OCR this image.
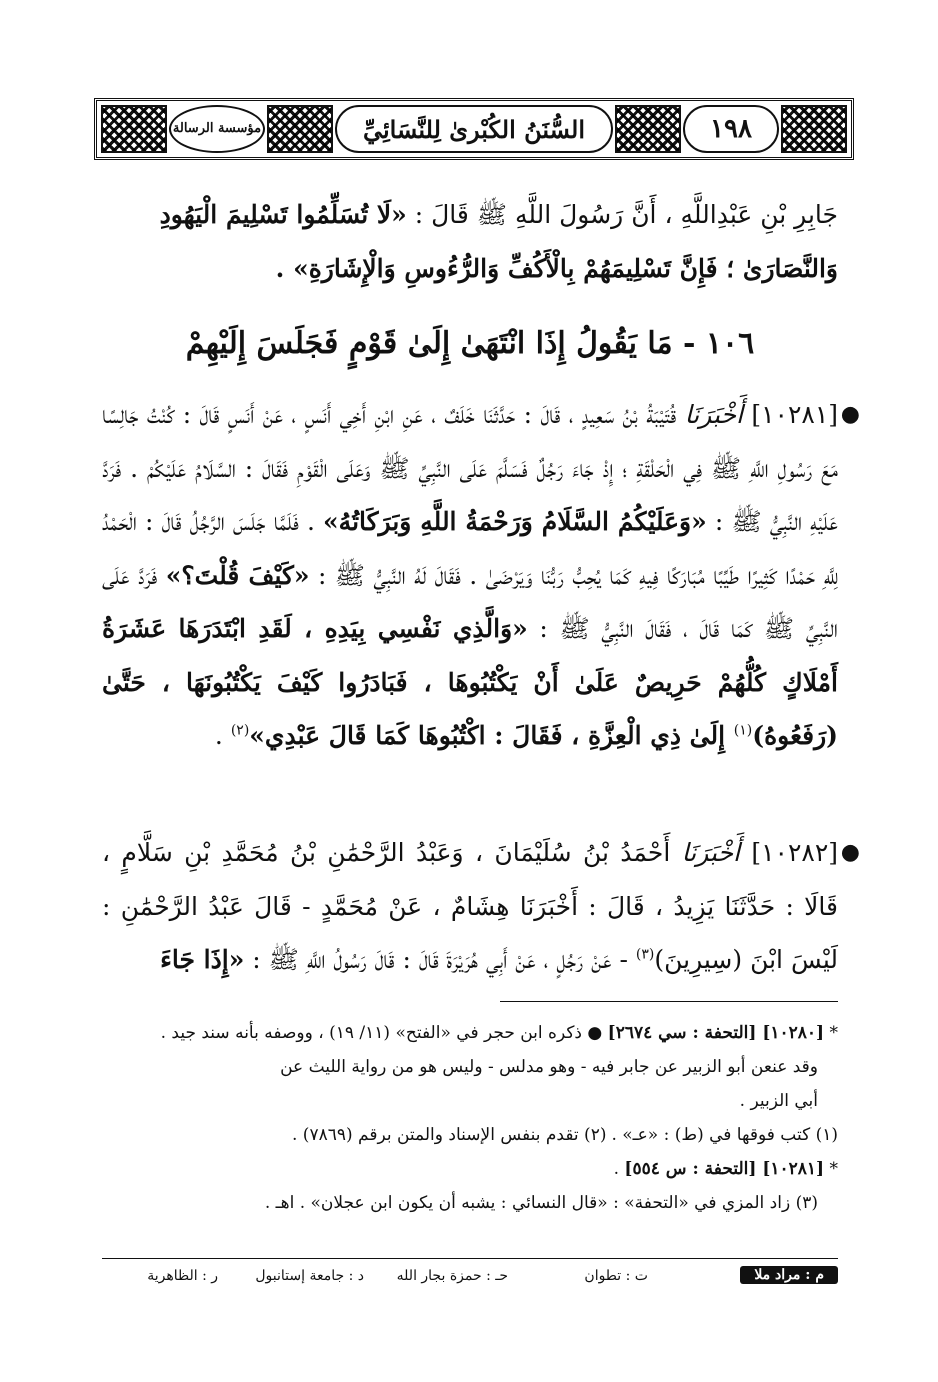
مؤسسة الرسالة	السُّنَنُ الكُبْرىٰ لِلنَّسَائِيِّ	١٩٨
جَابِرِ بْنِ عَبْدِاللَّهِ ، أَنَّ رَسُولَ اللَّهِ ﷺ قَالَ : «لَا تُسَلِّمُوا تَسْلِيمَ الْيَهُودِ
وَالنَّصَارَىٰ ؛ فَإِنَّ تَسْلِيمَهُمْ بِالْأَكُفِّ وَالرُّءُوسِ وَالْإِشَارَةِ» .
١٠٦ - مَا يَقُولُ إِذَا انْتَهَىٰ إِلَىٰ قَوْمٍ فَجَلَسَ إِلَيْهِمْ
●

[١٠٢٨١] أَخْبَرَنَا قُتَيْبَةُ بْنُ سَعِيدٍ ، قَالَ : حَدَّثَنَا خَلَفٌ ، عَنِ ابْنِ أَخِي أَنَسٍ ، عَنْ أَنَسٍ قَالَ : كُنْتُ جَالِسًا مَعَ رَسُولِ اللَّهِ ﷺ فِي الْحَلْقَةِ ؛ إِذْ جَاءَ رَجُلٌ فَسَلَّمَ عَلَى النَّبِيِّ ﷺ وَعَلَى الْقَوْمِ فَقَالَ : السَّلَامُ عَلَيْكُمْ . فَرَدَّ عَلَيْهِ النَّبِيُّ ﷺ : «وَعَلَيْكُمُ السَّلَامُ وَرَحْمَةُ اللَّهِ وَبَرَكَاتُهُ» . فَلَمَّا جَلَسَ الرَّجُلُ قَالَ : الْحَمْدُ لِلَّهِ حَمْدًا كَثِيرًا طَيِّبًا مُبَارَكًا فِيهِ كَمَا يُحِبُّ رَبُّنَا وَيَرْضَىٰ . فَقَالَ لَهُ النَّبِيُّ ﷺ : «كَيْفَ قُلْتَ؟» فَرَدَّ عَلَى النَّبِيِّ ﷺ كَمَا قَالَ ، فَقَالَ النَّبِيُّ ﷺ : «وَالَّذِي نَفْسِي بِيَدِهِ ، لَقَدِ ابْتَدَرَهَا عَشَرَةُ أَمْلَاكٍ كُلُّهُمْ حَرِيصٌ عَلَىٰ أَنْ يَكْتُبُوهَا ، فَبَادَرُوا كَيْفَ يَكْتُبُونَهَا ، حَتَّىٰ (رَفَعُوهُ)$^{(١)}$ إِلَىٰ ذِي الْعِزَّةِ ، فَقَالَ : اكْتُبُوهَا كَمَا قَالَ عَبْدِي»$^{(٢)}$ .

●

[١٠٢٨٢] أَخْبَرَنَا أَحْمَدُ بْنُ سُلَيْمَانَ ، وَعَبْدُ الرَّحْمَٰنِ بْنُ مُحَمَّدِ بْنِ سَلَّامٍ ، قَالَا : حَدَّثَنَا يَزِيدُ ، قَالَ : أَخْبَرَنَا هِشَامٌ ، عَنْ مُحَمَّدٍ - قَالَ عَبْدُ الرَّحْمَٰنِ : لَيْسَ ابْنَ (سِيرِينَ)$^{(٣)}$ - عَنْ رَجُلٍ ، عَنْ أَبِي هُرَيْرَةَ قَالَ : قَالَ رَسُولُ اللَّهِ ﷺ : «إِذَا جَاءَ

* [١٠٢٨٠] [التحفة : سي ٢٦٧٤] ● ذكره ابن حجر في «الفتح» (١١/ ١٩) ، ووصفه بأنه سند جيد .
وقد عنعن أبو الزبير عن جابر فيه - وهو مدلس - وليس هو من رواية الليث عن
أبي الزبير .
(١) كتب فوقها في (ط) : «عـ» .
(٢) تقدم بنفس الإسناد والمتن برقم (٧٨٦٩) .
* [١٠٢٨١] [التحفة : س ٥٥٤] .
(٣) زاد المزي في «التحفة» : «قال النسائي : يشبه أن يكون ابن عجلان» . اهـ .
م : مراد ملا
ت : تطوان
حـ : حمزة بجار الله
د : جامعة إستانبول
ر : الظاهرية
